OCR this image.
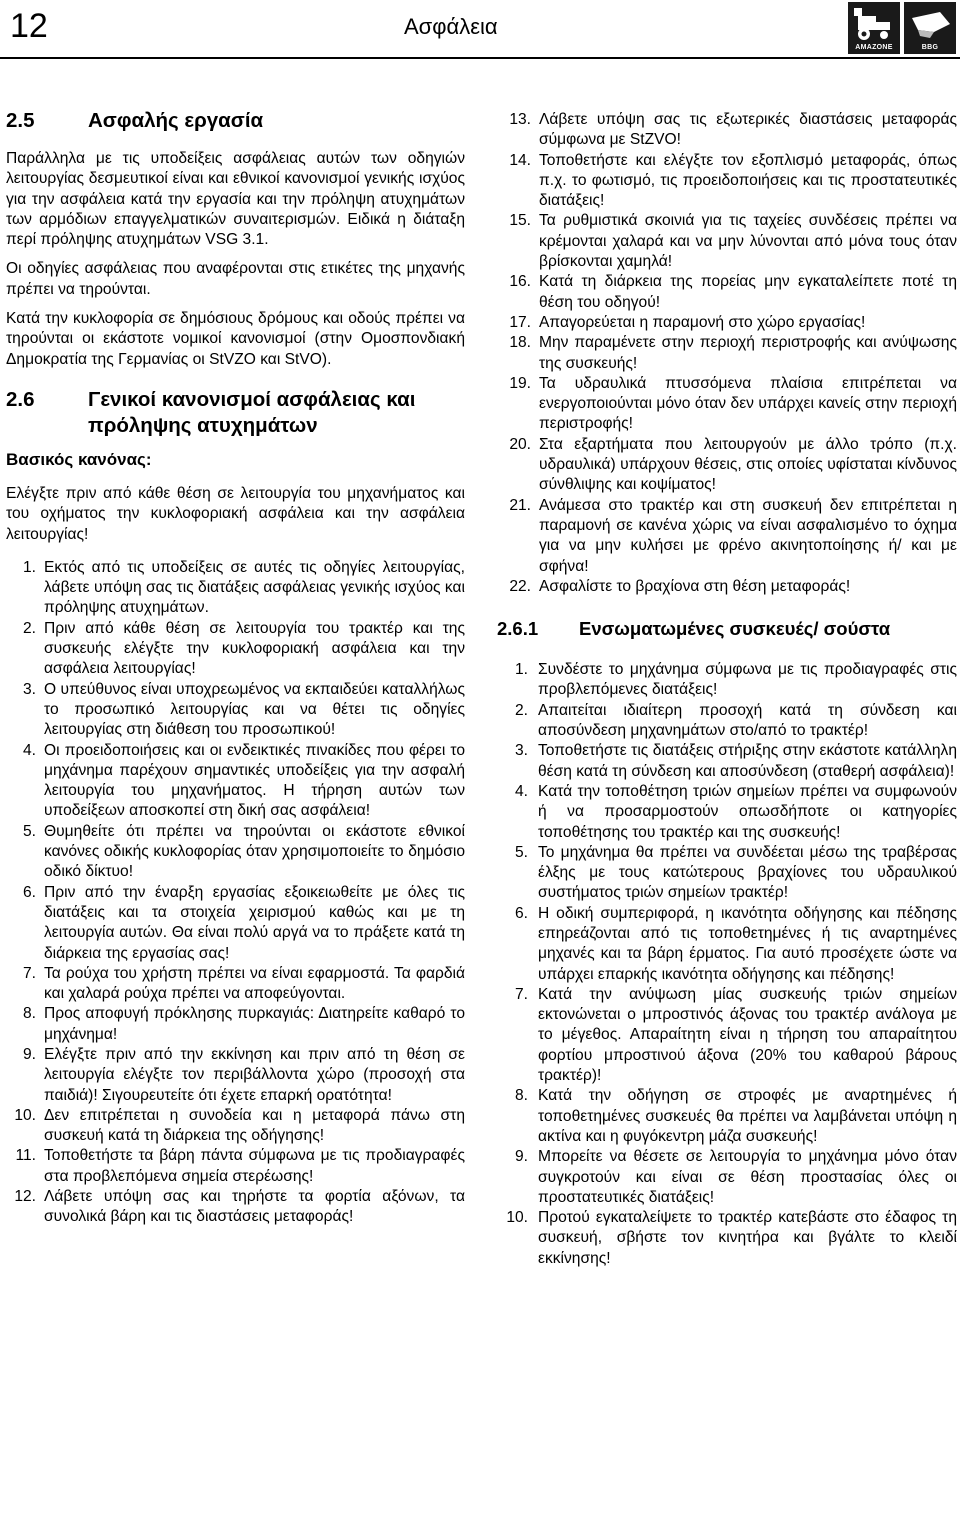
12	Ασφάλεια
AMAZONE	BBG
2.5	Ασφαλής εργασία

Παράλληλα με τις υποδείξεις ασφάλειας αυτών των οδηγιών λειτουργίας δεσμευτικοί είναι και εθνικοί κανονισμοί γενικής ισχύος για την ασφάλεια κατά την εργασία και την πρόληψη ατυχημάτων των αρμόδιων επαγγελματικών συναιτερισμών. Ειδικά η διάταξη περί πρόληψης ατυχημάτων VSG 3.1.

Οι οδηγίες ασφάλειας που αναφέρονται στις ετικέτες της μηχανής πρέπει να τηρούνται.

Κατά την κυκλοφορία σε δημόσιους δρόμους και οδούς πρέπει να τηρούνται οι εκάστοτε νομικοί κανονισμοί (στην Ομοσπονδιακή Δημοκρατία της Γερμανίας οι StVZO και StVO).

2.6	Γενικοί κανονισμοί ασφάλειας και
πρόληψης ατυχημάτων

Βασικός κανόνας:

Ελέγξτε πριν από κάθε θέση σε λειτουργία του μηχανήματος και του οχήματος την κυκλοφοριακή ασφάλεια και την ασφάλεια λειτουργίας!

1. Εκτός από τις υποδείξεις σε αυτές τις οδηγίες λειτουργίας, λάβετε υπόψη σας τις διατάξεις ασφάλειας γενικής ισχύος και πρόληψης ατυχημάτων.
2. Πριν από κάθε θέση σε λειτουργία του τρακτέρ και της συσκευής ελέγξτε την κυκλοφοριακή ασφάλεια και την ασφάλεια λειτουργίας!
3. Ο υπεύθυνος είναι υποχρεωμένος να εκπαιδεύει καταλλήλως το προσωπικό λειτουργίας και να θέτει τις οδηγίες λειτουργίας στη διάθεση του προσωπικού!
4. Οι προειδοποιήσεις και οι ενδεικτικές πινακίδες που φέρει το μηχάνημα παρέχουν σημαντικές υποδείξεις για την ασφαλή λειτουργία του μηχανήματος. Η τήρηση αυτών των υποδείξεων αποσκοπεί στη δική σας ασφάλεια!
5. Θυμηθείτε ότι πρέπει να τηρούνται οι εκάστοτε εθνικοί κανόνες οδικής κυκλοφορίας όταν χρησιμοποιείτε το δημόσιο οδικό δίκτυο!
6. Πριν από την έναρξη εργασίας εξοικειωθείτε με όλες τις διατάξεις και τα στοιχεία χειρισμού καθώς και με τη λειτουργία αυτών. Θα είναι πολύ αργά να το πράξετε κατά τη διάρκεια της εργασίας σας!
7. Τα ρούχα του χρήστη πρέπει να είναι εφαρμοστά. Τα φαρδιά και χαλαρά ρούχα πρέπει να αποφεύγονται.
8. Προς αποφυγή πρόκλησης πυρκαγιάς: Διατηρείτε καθαρό το μηχάνημα!
9. Ελέγξτε πριν από την εκκίνηση και πριν από τη θέση σε λειτουργία ελέγξτε τον περιβάλλοντα χώρο (προσοχή στα παιδιά)! Σιγουρευτείτε ότι έχετε επαρκή ορατότητα!
10. Δεν επιτρέπεται η συνοδεία και η μεταφορά πάνω στη συσκευή κατά τη διάρκεια της οδήγησης!
11. Τοποθετήστε τα βάρη πάντα σύμφωνα με τις προδιαγραφές στα προβλεπόμενα σημεία στερέωσης!
12. Λάβετε υπόψη σας και τηρήστε τα φορτία αξόνων, τα συνολικά βάρη και τις διαστάσεις μεταφοράς!
13. Λάβετε υπόψη σας τις εξωτερικές διαστάσεις μεταφοράς σύμφωνα με StZVO!
14. Τοποθετήστε και ελέγξτε τον εξοπλισμό μεταφοράς, όπως π.χ. το φωτισμό, τις προειδοποιήσεις και τις προστατευτικές διατάξεις!
15. Τα ρυθμιστικά σκοινιά για τις ταχείες συνδέσεις πρέπει να κρέμονται χαλαρά και να μην λύνονται από μόνα τους όταν βρίσκονται χαμηλά!
16. Κατά τη διάρκεια της πορείας μην εγκαταλείπετε ποτέ τη θέση του οδηγού!
17. Απαγορεύεται η παραμονή στο χώρο εργασίας!
18. Μην παραμένετε στην περιοχή περιστροφής και ανύψωσης της συσκευής!
19. Τα υδραυλικά πτυσσόμενα πλαίσια επιτρέπεται να ενεργοποιούνται μόνο όταν δεν υπάρχει κανείς στην περιοχή περιστροφής!
20. Στα εξαρτήματα που λειτουργούν με άλλο τρόπο (π.χ. υδραυλικά) υπάρχουν θέσεις, στις οποίες υφίσταται κίνδυνος σύνθλιψης και κοψίματος!
21. Ανάμεσα στο τρακτέρ και στη συσκευή δεν επιτρέπεται η παραμονή σε κανένα χώρις να είναι ασφαλισμένο το όχημα για να μην κυλήσει με φρένο ακινητοποίησης ή/ και με σφήνα!
22. Ασφαλίστε το βραχίονα στη θέση μεταφοράς!
2.6.1	Ενσωματωμένες συσκευές/ σούστα
1. Συνδέστε το μηχάνημα σύμφωνα με τις προδιαγραφές στις προβλεπόμενες διατάξεις!
2. Απαιτείται ιδιαίτερη προσοχή κατά τη σύνδεση και αποσύνδεση μηχανημάτων στο/από το τρακτέρ!
3. Τοποθετήστε τις διατάξεις στήριξης στην εκάστοτε κατάλληλη θέση κατά τη σύνδεση και αποσύνδεση (σταθερή ασφάλεια)!
4. Κατά την τοποθέτηση τριών σημείων πρέπει να συμφωνούν ή να προσαρμοστούν οπωσδήποτε οι κατηγορίες τοποθέτησης του τρακτέρ και της συσκευής!
5. Το μηχάνημα θα πρέπει να συνδέεται μέσω της τραβέρσας έλξης με τους κατώτερους βραχίονες του υδραυλικού συστήματος τριών σημείων τρακτέρ!
6. Η οδική συμπεριφορά, η ικανότητα οδήγησης και πέδησης επηρεάζονται από τις τοποθετημένες ή τις αναρτημένες μηχανές και τα βάρη έρματος. Για αυτό προσέχετε ώστε να υπάρχει επαρκής ικανότητα οδήγησης και πέδησης!
7. Κατά την ανύψωση μίας συσκευής τριών σημείων εκτονώνεται ο μπροστινός άξονας του τρακτέρ ανάλογα με το μέγεθος. Απαραίτητη είναι η τήρηση του απαραίτητου φορτίου μπροστινού άξονα (20% του καθαρού βάρους τρακτέρ)!
8. Κατά την οδήγηση σε στροφές με αναρτημένες ή τοποθετημένες συσκευές θα πρέπει να λαμβάνεται υπόψη η ακτίνα και η φυγόκεντρη μάζα συσκευής!
9. Μπορείτε να θέσετε σε λειτουργία το μηχάνημα μόνο όταν συγκροτούν και είναι σε θέση προστασίας όλες οι προστατευτικές διατάξεις!
10. Προτού εγκαταλείψετε το τρακτέρ κατεβάστε στο έδαφος τη συσκευή, σβήστε τον κινητήρα και βγάλτε το κλειδί εκκίνησης!
